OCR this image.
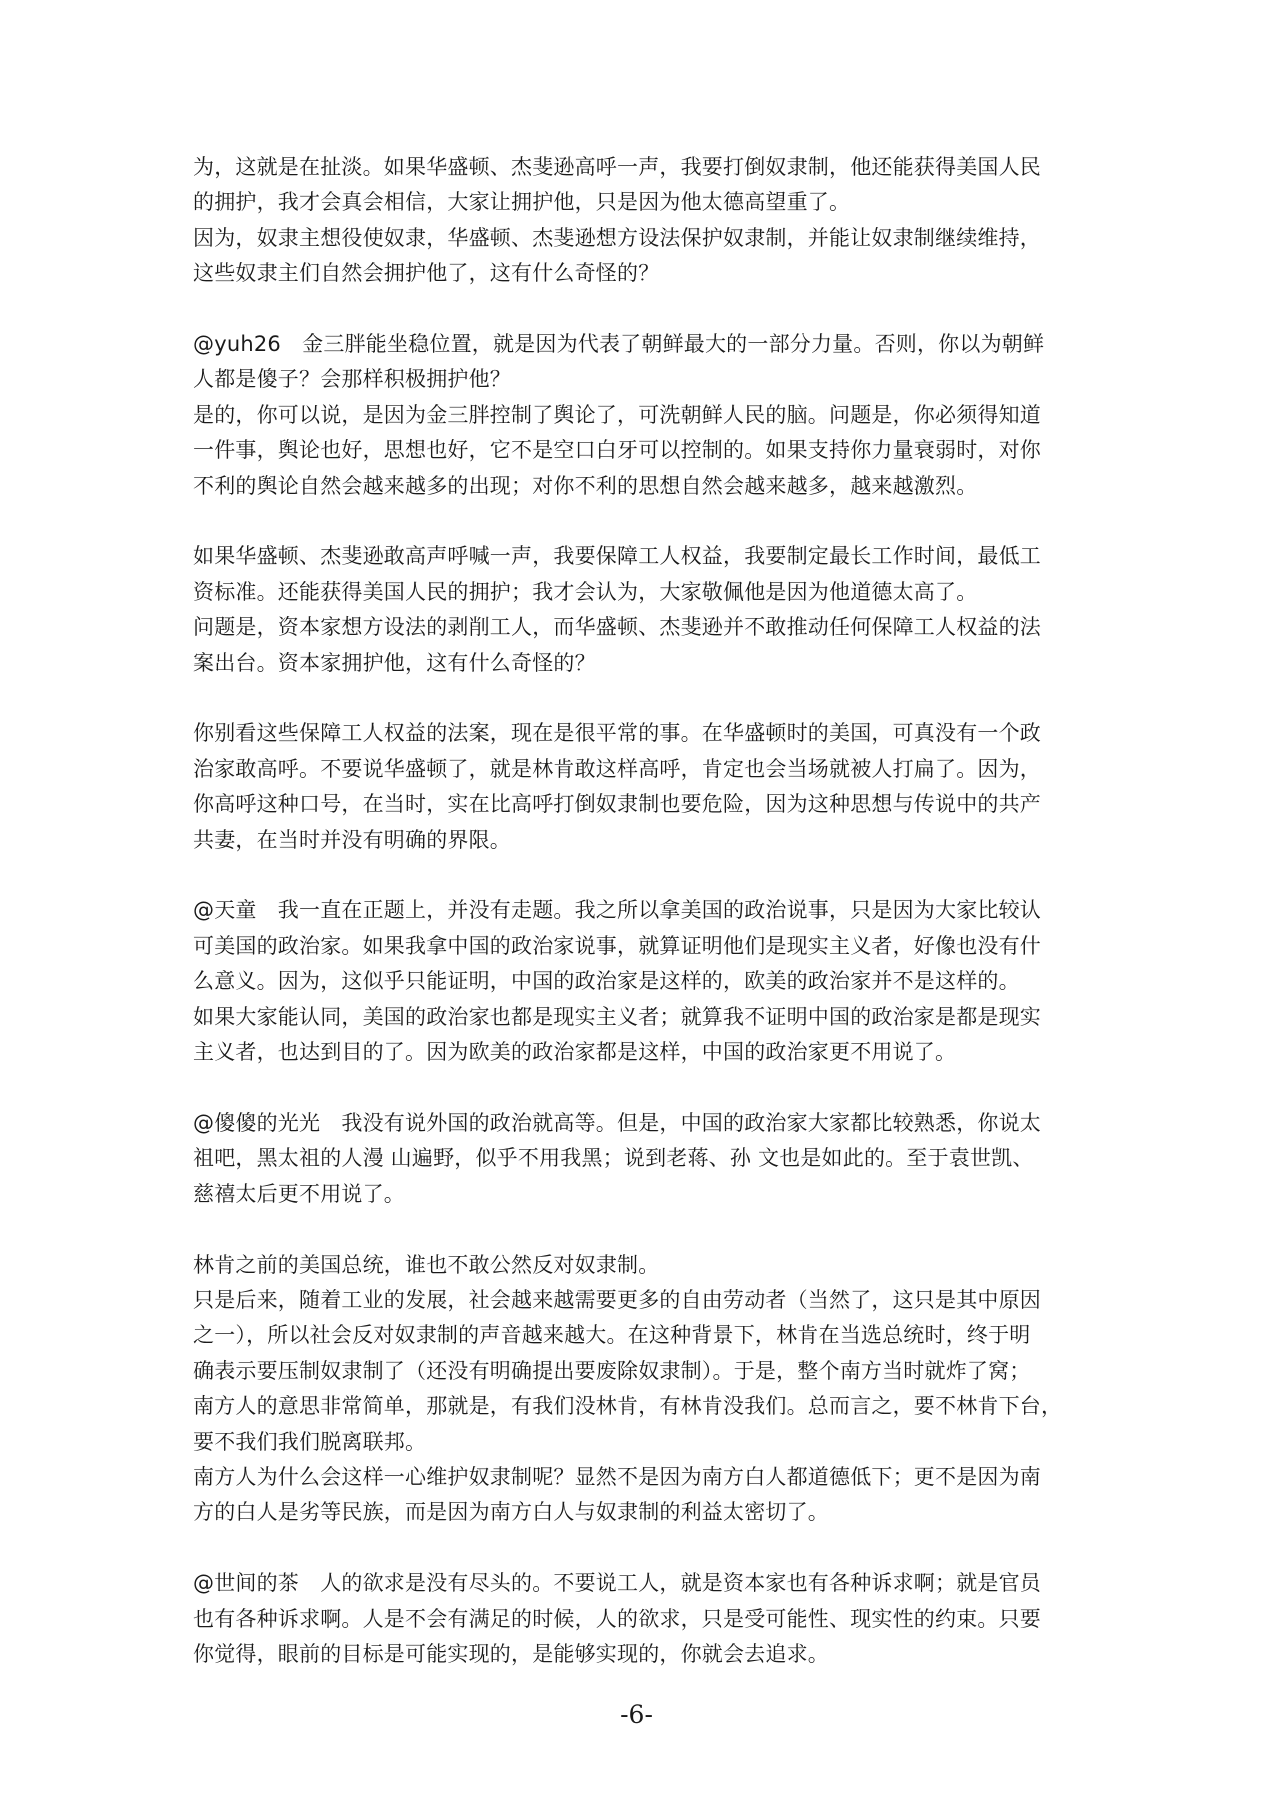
为，这就是在扯淡。如果华盛顿、杰斐逊高呼一声，我要打倒奴隶制，他还能获得美国人民
的拥护，我才会真会相信，大家让拥护他，只是因为他太德高望重了。
因为，奴隶主想役使奴隶，华盛顿、杰斐逊想方设法保护奴隶制，并能让奴隶制继续维持，
这些奴隶主们自然会拥护他了，这有什么奇怪的？
@yuh26　金三胖能坐稳位置，就是因为代表了朝鲜最大的一部分力量。否则，你以为朝鲜
人都是傻子？会那样积极拥护他？
是的，你可以说，是因为金三胖控制了舆论了，可洗朝鲜人民的脑。问题是，你必须得知道
一件事，舆论也好，思想也好，它不是空口白牙可以控制的。如果支持你力量衰弱时，对你
不利的舆论自然会越来越多的出现；对你不利的思想自然会越来越多，越来越激烈。
如果华盛顿、杰斐逊敢高声呼喊一声，我要保障工人权益，我要制定最长工作时间，最低工
资标准。还能获得美国人民的拥护；我才会认为，大家敬佩他是因为他道德太高了。
问题是，资本家想方设法的剥削工人，而华盛顿、杰斐逊并不敢推动任何保障工人权益的法
案出台。资本家拥护他，这有什么奇怪的？
你别看这些保障工人权益的法案，现在是很平常的事。在华盛顿时的美国，可真没有一个政
治家敢高呼。不要说华盛顿了，就是林肯敢这样高呼，肯定也会当场就被人打扁了。因为，
你高呼这种口号，在当时，实在比高呼打倒奴隶制也要危险，因为这种思想与传说中的共产
共妻，在当时并没有明确的界限。
@天童　我一直在正题上，并没有走题。我之所以拿美国的政治说事，只是因为大家比较认
可美国的政治家。如果我拿中国的政治家说事，就算证明他们是现实主义者，好像也没有什
么意义。因为，这似乎只能证明，中国的政治家是这样的，欧美的政治家并不是这样的。
如果大家能认同，美国的政治家也都是现实主义者；就算我不证明中国的政治家是都是现实
主义者，也达到目的了。因为欧美的政治家都是这样，中国的政治家更不用说了。
@傻傻的光光　我没有说外国的政治就高等。但是，中国的政治家大家都比较熟悉，你说太
祖吧，黑太祖的人漫 山遍野，似乎不用我黑；说到老蒋、孙 文也是如此的。至于袁世凯、
慈禧太后更不用说了。
林肯之前的美国总统，谁也不敢公然反对奴隶制。
只是后来，随着工业的发展，社会越来越需要更多的自由劳动者（当然了，这只是其中原因
之一），所以社会反对奴隶制的声音越来越大。在这种背景下，林肯在当选总统时，终于明
确表示要压制奴隶制了（还没有明确提出要废除奴隶制）。于是，整个南方当时就炸了窝；
南方人的意思非常简单，那就是，有我们没林肯，有林肯没我们。总而言之，要不林肯下台，
要不我们我们脱离联邦。
南方人为什么会这样一心维护奴隶制呢？显然不是因为南方白人都道德低下；更不是因为南
方的白人是劣等民族，而是因为南方白人与奴隶制的利益太密切了。
@世间的茶　人的欲求是没有尽头的。不要说工人，就是资本家也有各种诉求啊；就是官员
也有各种诉求啊。人是不会有满足的时候，人的欲求，只是受可能性、现实性的约束。只要
你觉得，眼前的目标是可能实现的，是能够实现的，你就会去追求。
-6-
